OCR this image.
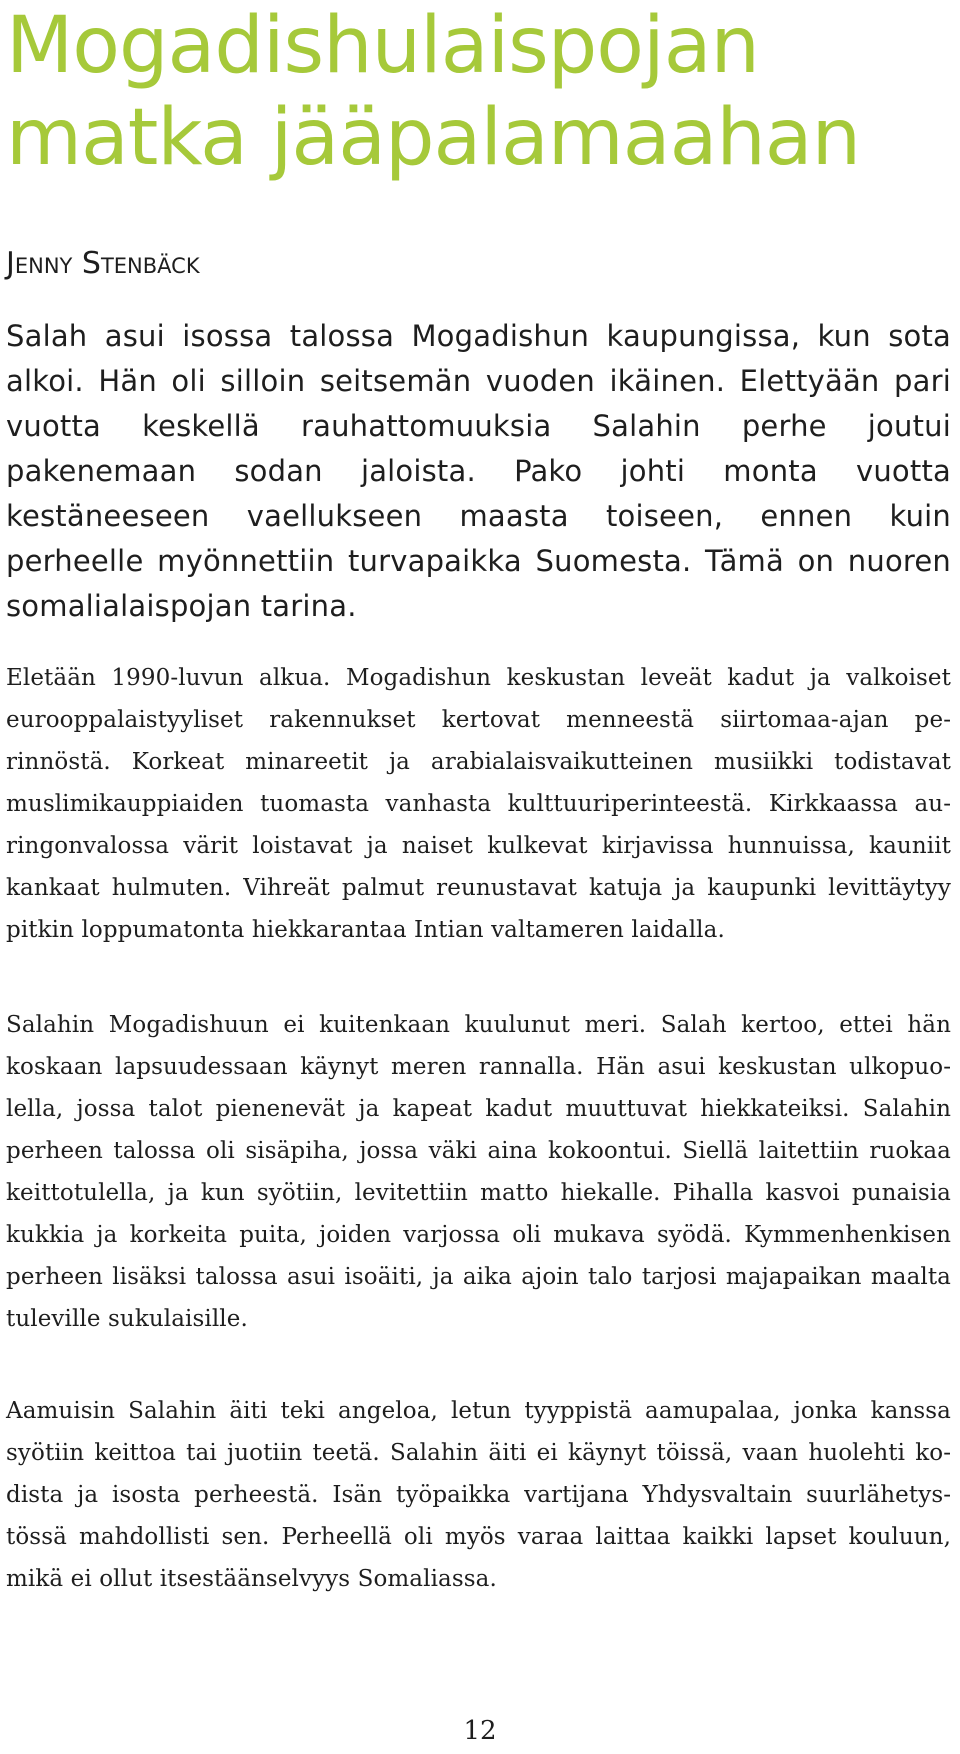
Mogadishulaispojan
matka jääpalamaahan

Jenny Stenbäck

Salah asui isossa talossa Mogadishun kaupungissa, kun sota alkoi. Hän oli silloin seitsemän vuoden ikäinen. Elettyään pari vuotta keskellä rauhattomuuksia Salahin perhe joutui pakenemaan sodan jaloista. Pako johti monta vuotta kestäneeseen vaellukseen maasta toiseen, ennen kuin perheelle myönnettiin turvapaikka Suomesta. Tämä on nuoren somalialaispojan tarina.

Eletään 1990-luvun alkua. Mogadishun keskustan leveät kadut ja valkoiset eurooppalaistyyliset rakennukset kertovat menneestä siirtomaa-ajan perinnöstä. Korkeat minareetit ja arabialaisvaikutteinen musiikki todistavat muslimikauppiaiden tuomasta vanhasta kulttuuriperinteestä. Kirkkaassa auringonvalossa värit loistavat ja naiset kulkevat kirjavissa hunnuissa, kauniit kankaat hulmuten. Vihreät palmut reunustavat katuja ja kaupunki levittäytyy pitkin loppumatonta hiekkarantaa Intian valtameren laidalla.

Salahin Mogadishuun ei kuitenkaan kuulunut meri. Salah kertoo, ettei hän koskaan lapsuudessaan käynyt meren rannalla. Hän asui keskustan ulkopuolella, jossa talot pienenevät ja kapeat kadut muuttuvat hiekkateiksi. Salahin perheen talossa oli sisäpiha, jossa väki aina kokoontui. Siellä laitettiin ruokaa keittotulella, ja kun syötiin, levitettiin matto hiekalle. Pihalla kasvoi punaisia kukkia ja korkeita puita, joiden varjossa oli mukava syödä. Kymmenhenkisen perheen lisäksi talossa asui isoäiti, ja aika ajoin talo tarjosi majapaikan maalta tuleville sukulaisille.

Aamuisin Salahin äiti teki angeloa, letun tyyppistä aamupalaa, jonka kanssa syötiin keittoa tai juotiin teetä. Salahin äiti ei käynyt töissä, vaan huolehti kodista ja isosta perheestä. Isän työpaikka vartijana Yhdysvaltain suurlähetystössä mahdollisti sen. Perheellä oli myös varaa laittaa kaikki lapset kouluun, mikä ei ollut itsestäänselvyys Somaliassa.

12
